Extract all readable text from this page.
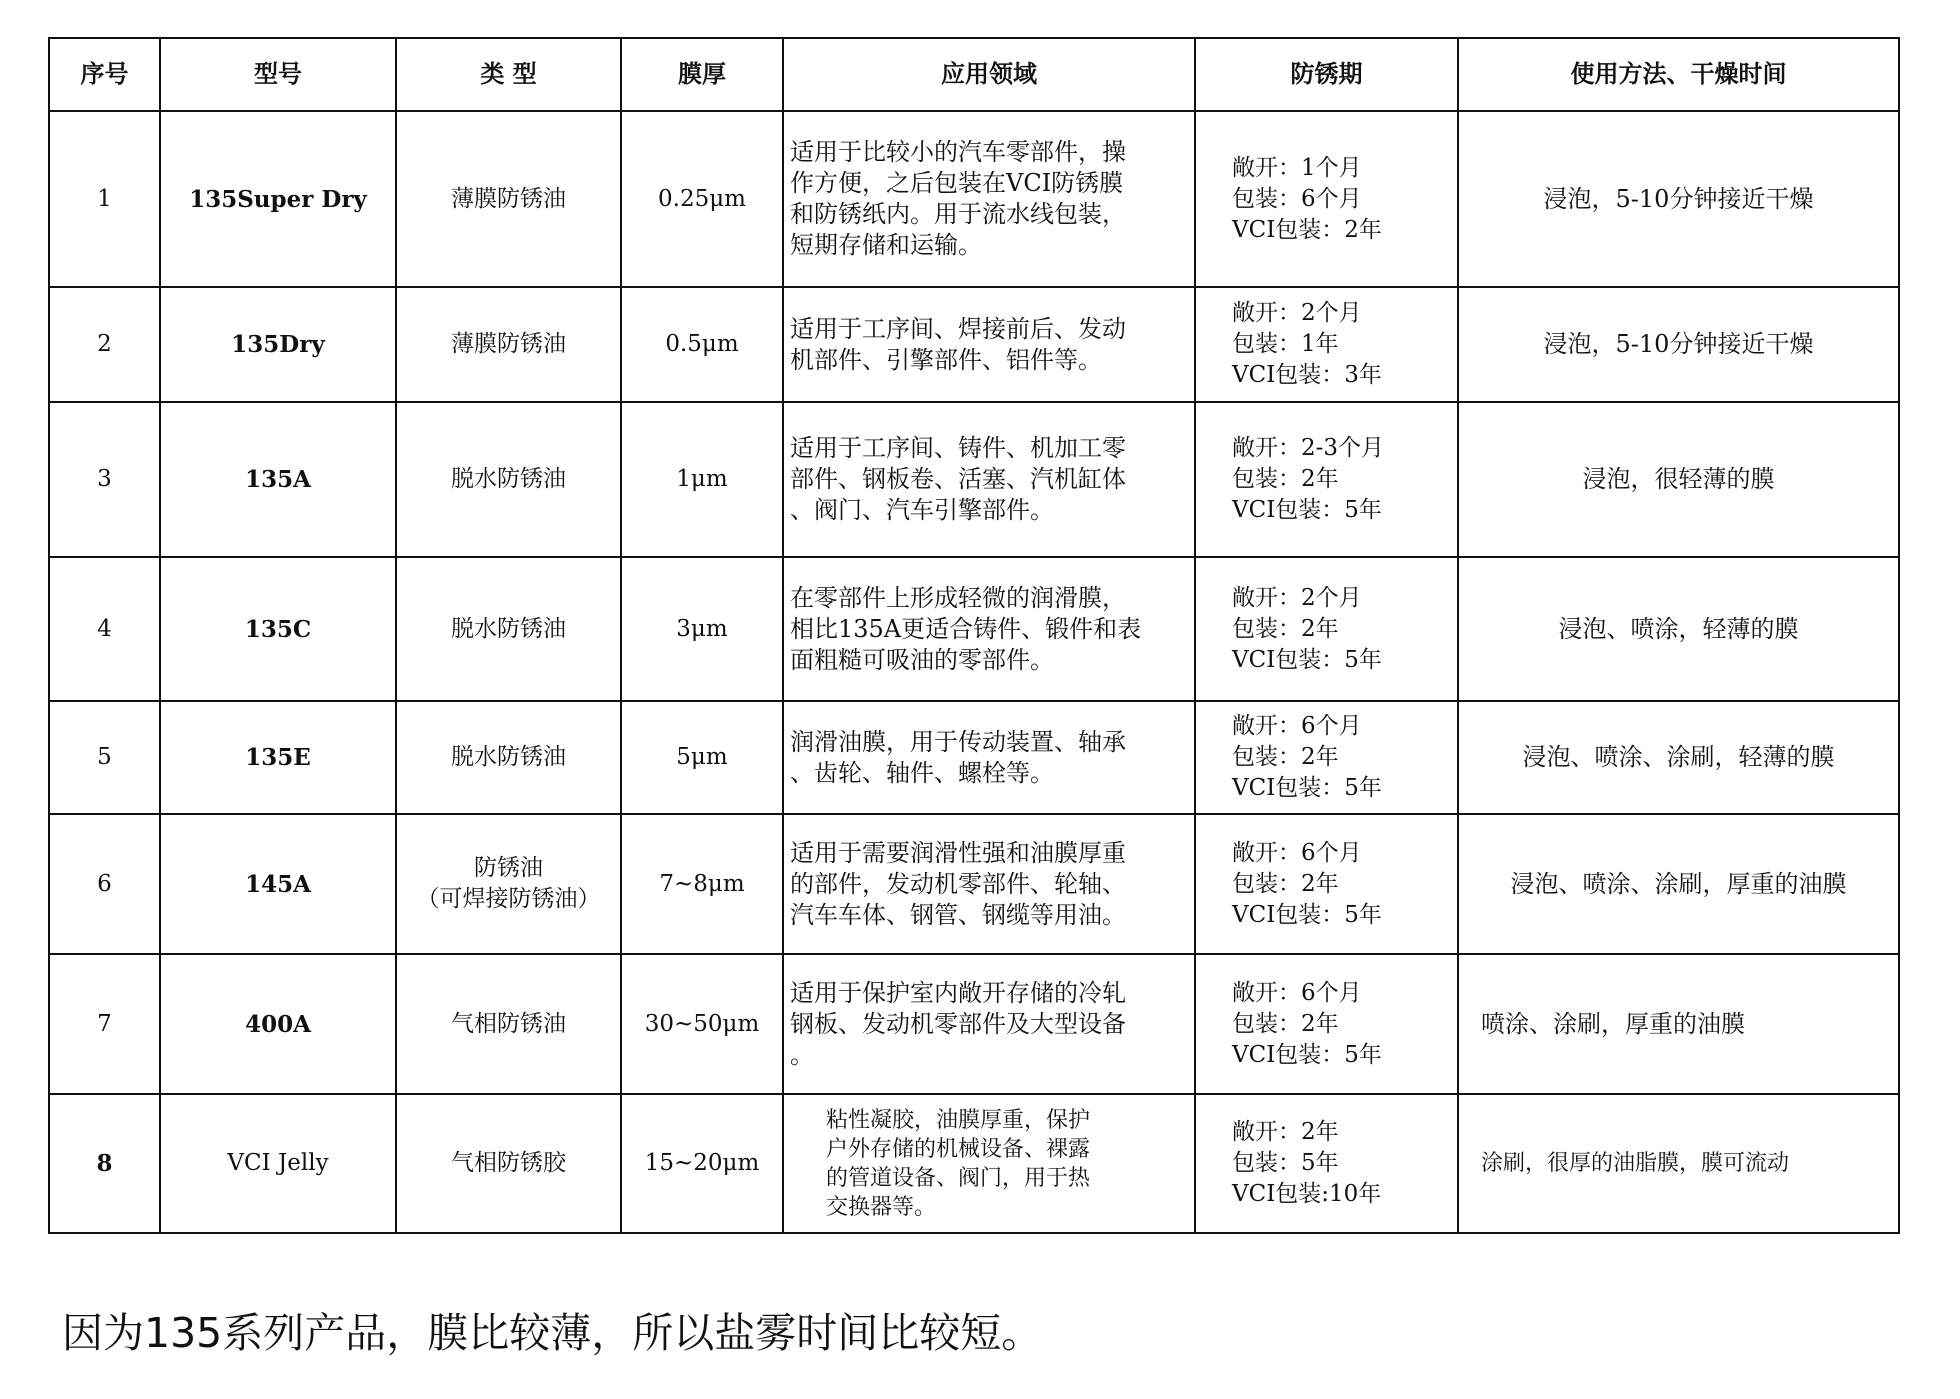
序号	型号	类 型	膜厚	应用领域	防锈期	使用方法、干燥时间
1	135Super Dry	薄膜防锈油	0.25μm	适用于比较小的汽车零部件，操
作方便，之后包装在VCI防锈膜
和防锈纸内。用于流水线包装，
短期存储和运输。	敞开：1个月
包装：6个月
VCI包装：2年	浸泡，5-10分钟接近干燥
2	135Dry	薄膜防锈油	0.5μm	适用于工序间、焊接前后、发动
机部件、引擎部件、铝件等。	敞开：2个月
包装：1年
VCI包装：3年	浸泡，5-10分钟接近干燥
3	135A	脱水防锈油	1μm	适用于工序间、铸件、机加工零
部件、钢板卷、活塞、汽机缸体
、阀门、汽车引擎部件。	敞开：2-3个月
包装：2年
VCI包装：5年	浸泡，很轻薄的膜
4	135C	脱水防锈油	3μm	在零部件上形成轻微的润滑膜，
相比135A更适合铸件、锻件和表
面粗糙可吸油的零部件。	敞开：2个月
包装：2年
VCI包装：5年	浸泡、喷涂，轻薄的膜
5	135E	脱水防锈油	5μm	润滑油膜，用于传动装置、轴承
、齿轮、轴件、螺栓等。	敞开：6个月
包装：2年
VCI包装：5年	浸泡、喷涂、涂刷，轻薄的膜
6	145A	防锈油
（可焊接防锈油）	7~8μm	适用于需要润滑性强和油膜厚重
的部件，发动机零部件、轮轴、
汽车车体、钢管、钢缆等用油。	敞开：6个月
包装：2年
VCI包装：5年	浸泡、喷涂、涂刷，厚重的油膜
7	400A	气相防锈油	30~50μm	适用于保护室内敞开存储的冷轧
钢板、发动机零部件及大型设备
。	敞开：6个月
包装：2年
VCI包装：5年	喷涂、涂刷，厚重的油膜
8	VCI Jelly	气相防锈胶	15~20μm	粘性凝胶，油膜厚重，保护
户外存储的机械设备、裸露
的管道设备、阀门，用于热
交换器等。	敞开：2年
包装：5年
VCI包装:10年	涂刷，很厚的油脂膜，膜可流动
因为135系列产品，膜比较薄，所以盐雾时间比较短。
